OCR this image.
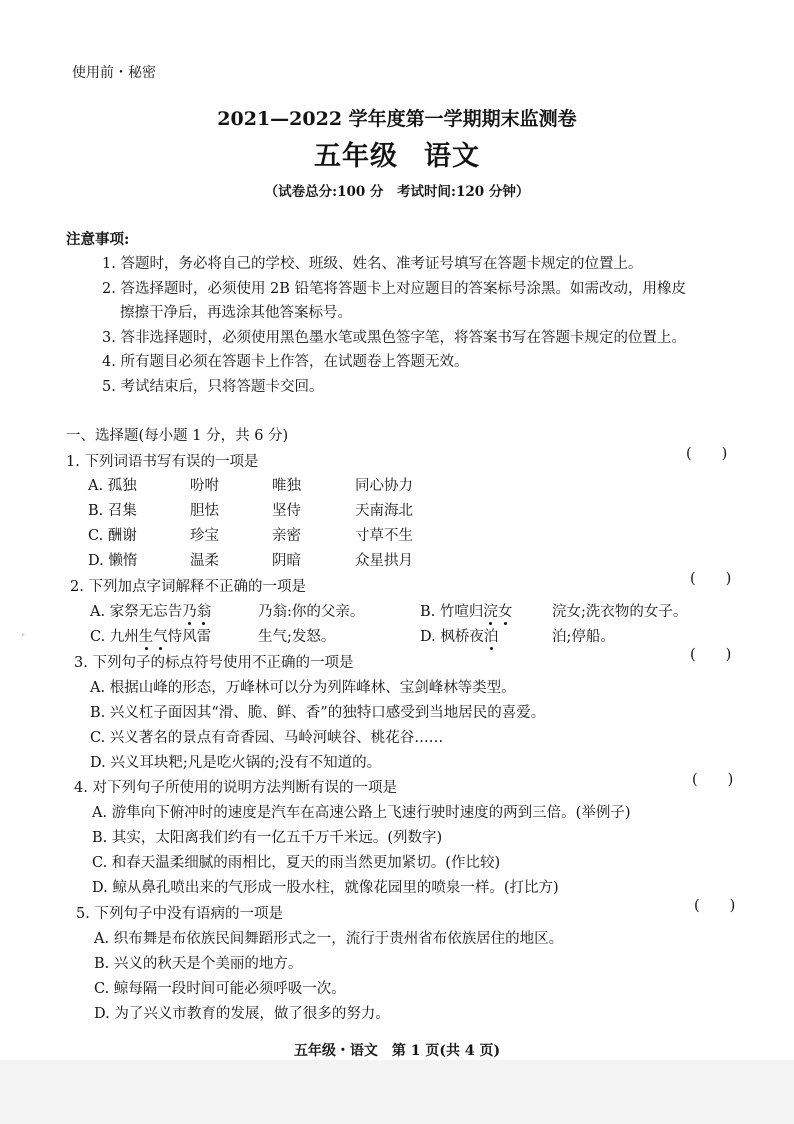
使用前・秘密
2021—2022 学年度第一学期期末监测卷
五年级 语文
（试卷总分:100 分　考试时间:120 分钟）
注意事项:
1. 答题时，务必将自己的学校、班级、姓名、准考证号填写在答题卡规定的位置上。
2. 答选择题时，必须使用 2B 铅笔将答题卡上对应题目的答案标号涂黑。如需改动，用橡皮
擦擦干净后，再选涂其他答案标号。
3. 答非选择题时，必须使用黑色墨水笔或黑色签字笔，将答案书写在答题卡规定的位置上。
4. 所有题目必须在答题卡上作答，在试题卷上答题无效。
5. 考试结束后，只将答题卡交回。
一、选择题(每小题 1 分，共 6 分)
1. 下列词语书写有误的一项是	( )
A. 孤独	吩咐	唯独	同心协力
B. 召集	胆怯	坚侍	天南海北
C. 酬谢	珍宝	亲密	寸草不生
D. 懒惰	温柔	阴暗	众星拱月
2. 下列加点字词解释不正确的一项是	( )
A. 家祭无忘告乃翁	乃翁:你的父亲。	B. 竹喧归浣女	浣女;洗衣物的女子。
C. 九州生气恃风雷	生气;发怒。	D. 枫桥夜泊	泊;停船。
ᵋ
3. 下列句子的标点符号使用不正确的一项是	( )
A. 根据山峰的形态，万峰林可以分为列阵峰林、宝剑峰林等类型。
B. 兴义杠子面因其“滑、脆、鲜、香”的独特口感受到当地居民的喜爱。
C. 兴义著名的景点有奇香园、马岭河峡谷、桃花谷……
D. 兴义耳块粑;凡是吃火锅的;没有不知道的。
4. 对下列句子所使用的说明方法判断有误的一项是	( )
A. 游隼向下俯冲时的速度是汽车在高速公路上飞速行驶时速度的两到三倍。(举例子)
B. 其实，太阳离我们约有一亿五千万千米远。(列数字)
C. 和春天温柔细腻的雨相比，夏天的雨当然更加紧切。(作比较)
D. 鲸从鼻孔喷出来的气形成一股水柱，就像花园里的喷泉一样。(打比方)
5. 下列句子中没有语病的一项是	( )
A. 织布舞是布依族民间舞蹈形式之一，流行于贵州省布依族居住的地区。
B. 兴义的秋天是个美丽的地方。
C. 鲸每隔一段时间可能必须呼吸一次。
D. 为了兴义市教育的发展，做了很多的努力。
五年级・语文　第 1 页(共 4 页)
